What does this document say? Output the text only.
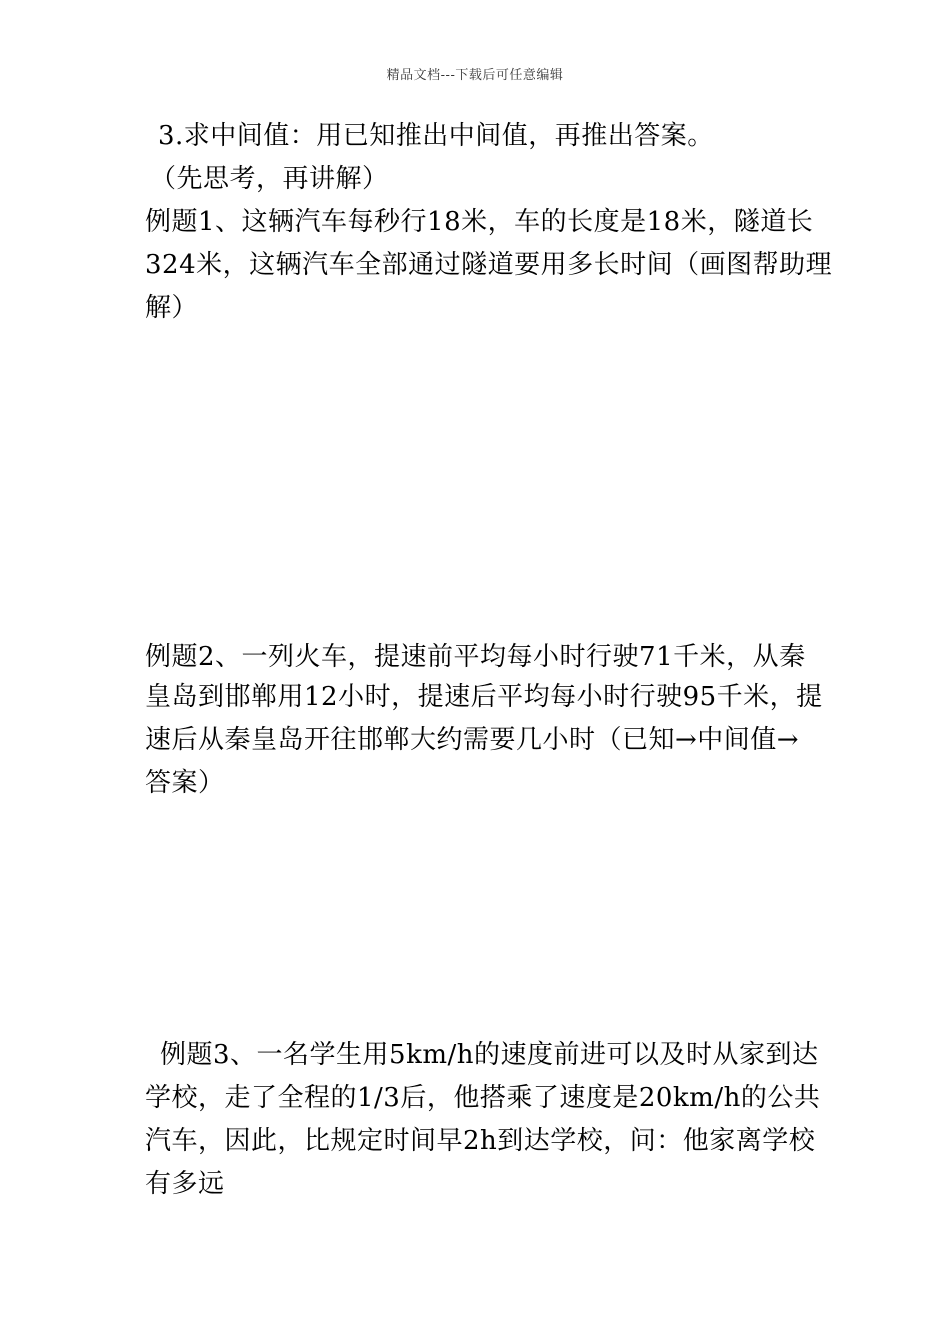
精品文档---下载后可任意编辑
3.求中间值：用已知推出中间值，再推出答案。
（先思考，再讲解）
例题1、这辆汽车每秒行18米，车的长度是18米，隧道长
324米，这辆汽车全部通过隧道要用多长时间（画图帮助理
解）
例题2、一列火车，提速前平均每小时行驶71千米，从秦
皇岛到邯郸用12小时，提速后平均每小时行驶95千米，提
速后从秦皇岛开往邯郸大约需要几小时（已知→中间值→
答案）
例题3、一名学生用5km/h的速度前进可以及时从家到达
学校，走了全程的1/3后，他搭乘了速度是20km/h的公共
汽车，因此，比规定时间早2h到达学校，问：他家离学校
有多远
